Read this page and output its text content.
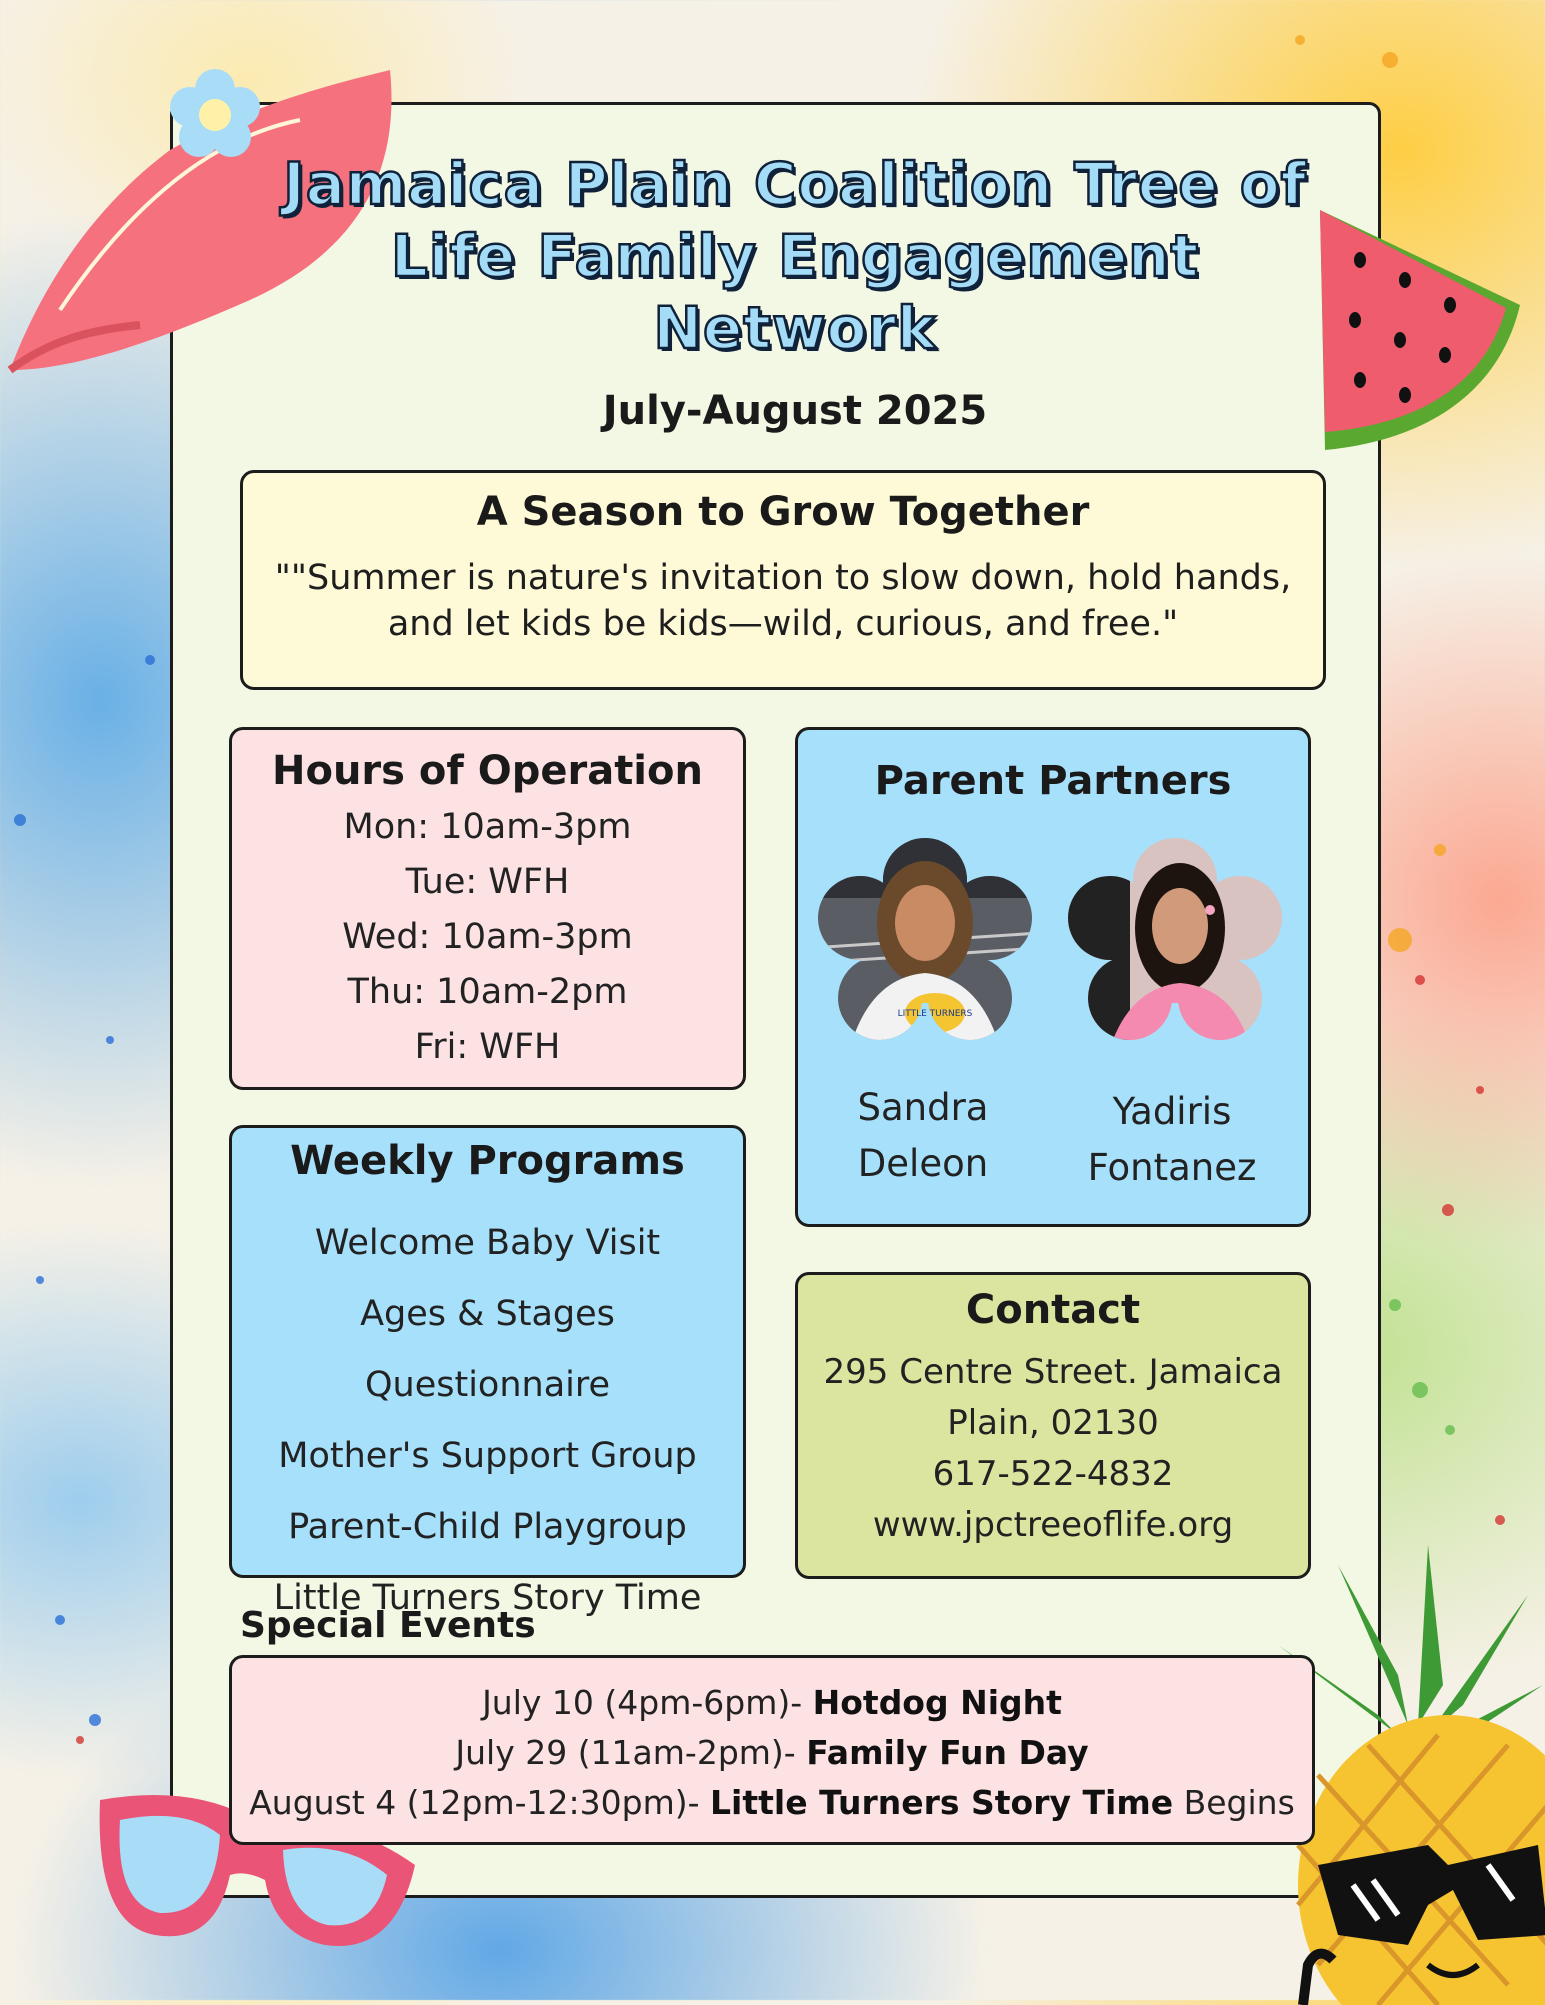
Jamaica Plain Coalition Tree of Life Family Engagement Network
July-August 2025
A Season to Grow Together

""Summer is nature's invitation to slow down, hold hands, and let kids be kids—wild, curious, and free."

Hours of Operation
Mon: 10am-3pm
Tue: WFH
Wed: 10am-3pm
Thu: 10am-2pm
Fri: WFH
Parent Partners
LITTLE TURNERS
Sandra
Deleon
Yadiris
Fontanez
Weekly Programs
Welcome Baby Visit
Ages & Stages Questionnaire
Mother's Support Group
Parent-Child Playgroup
Little Turners Story Time
Contact
295 Centre Street. Jamaica
Plain, 02130
617-522-4832
www.jpctreeoflife.org
Special Events
July 10 (4pm-6pm)- Hotdog Night
July 29 (11am-2pm)- Family Fun Day
August 4 (12pm-12:30pm)- Little Turners Story Time Begins
